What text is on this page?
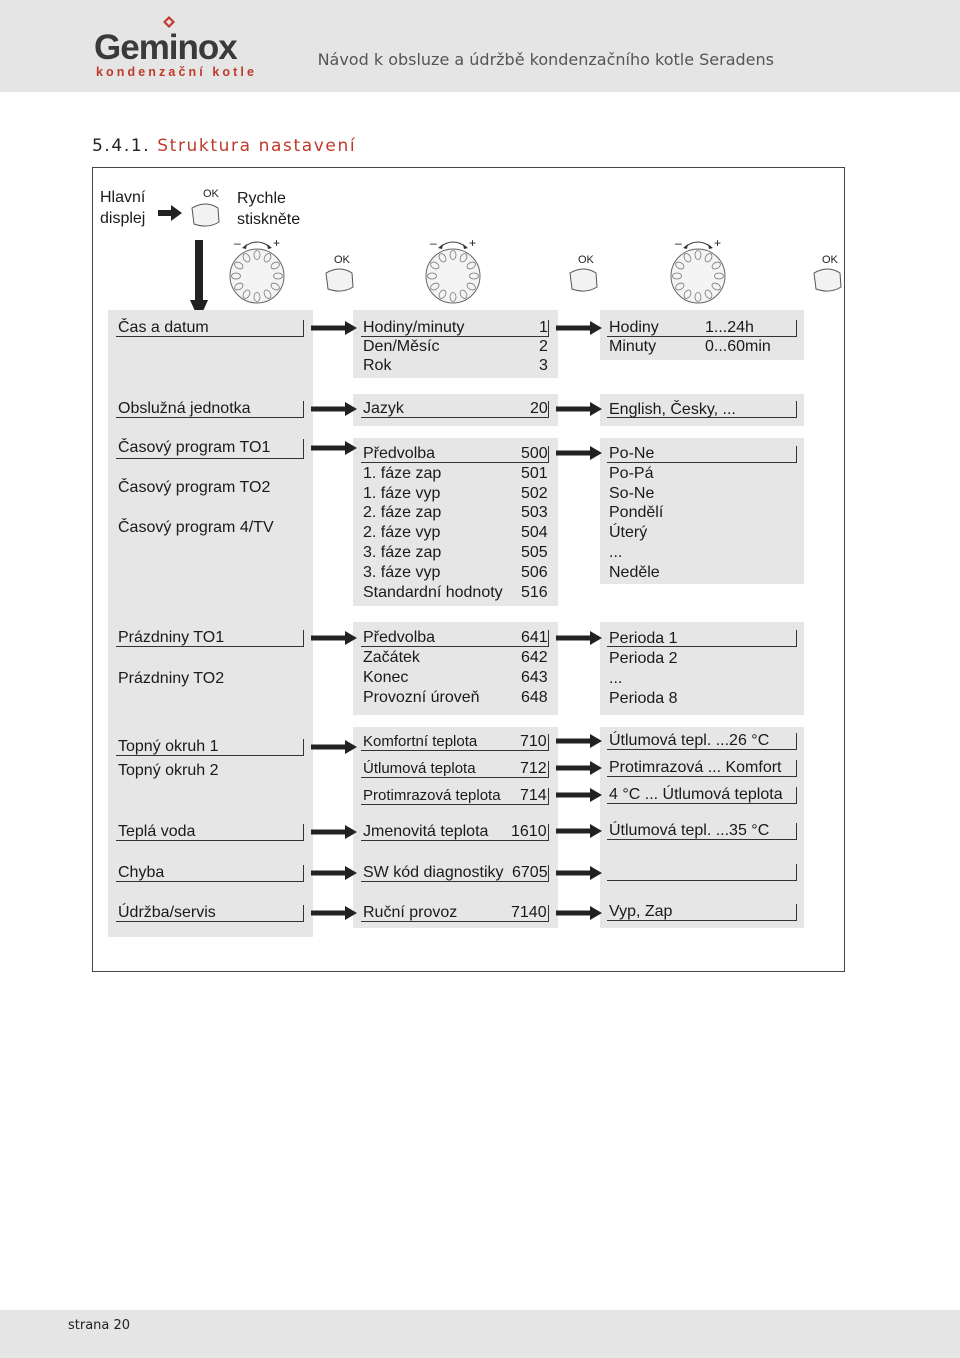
Geminox
kondenzační kotle
Návod k obsluze a údržbě kondenzačního kotle Seradens
5.4.1. Struktura nastavení
Hlavní
displej
OK Rychle
stiskněte
–	+	–	+	–	+
OK	OK	OK
Čas a datum
Obslužná jednotka
Časový program TO1
Časový program TO2
Časový program 4/TV
Prázdniny TO1
Prázdniny TO2
Topný okruh 1
Topný okruh 2
Teplá voda
Chyba
Údržba/servis
Hodiny/minuty	1
Den/Měsíc	2
Rok	3
Jazyk	20
Předvolba	500
1. fáze zap	501
1. fáze vyp	502
2. fáze zap	503
2. fáze vyp	504
3. fáze zap	505
3. fáze vyp	506
Standardní hodnoty 516
Předvolba	641
Začátek	642
Konec	643
Provozní úroveň	648
Komfortní teplota	710
Útlumová teplota	712
Protimrazová teplota 714
Jmenovitá teplota 1610
SW kód diagnostiky 6705
Ruční provoz	7140
Hodiny	1...24h
Minuty	0...60min
English, Česky, ...
Po-Ne
Po-Pá
So-Ne
Pondělí
Úterý
...
Neděle
Perioda 1
Perioda 2
...
Perioda 8
Útlumová tepl. ...26 °C
Protimrazová ... Komfort
4 °C ... Útlumová teplota
Útlumová tepl. ...35 °C
Vyp, Zap
strana 20
